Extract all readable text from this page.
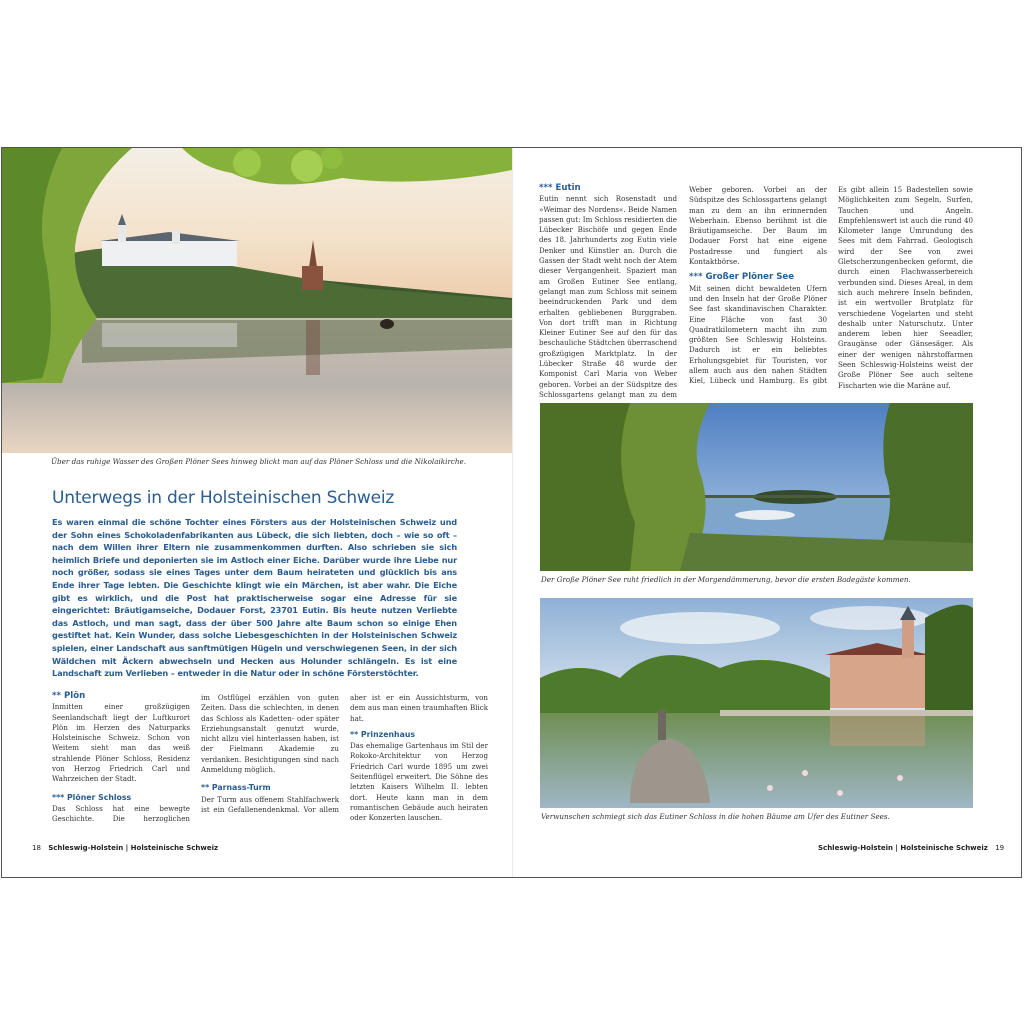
Über das ruhige Wasser des Großen Plöner Sees hinweg blickt man auf das Plöner Schloss und die Nikolaikirche.
Unterwegs in der Holsteinischen Schweiz

Es waren einmal die schöne Tochter eines Försters aus der Holsteinischen Schweiz und der Sohn eines Schokoladenfabrikanten aus Lübeck, die sich liebten, doch – wie so oft – nach dem Willen ihrer Eltern nie zusammenkommen durften. Also schrieben sie sich heimlich Briefe und deponierten sie im Astloch einer Eiche. Darüber wurde ihre Liebe nur noch größer, sodass sie eines Tages unter dem Baum heirateten und glücklich bis ans Ende ihrer Tage lebten. Die Geschichte klingt wie ein Märchen, ist aber wahr. Die Eiche gibt es wirklich, und die Post hat praktischerweise sogar eine Adresse für sie eingerichtet: Bräutigamseiche, Dodauer Forst, 23701 Eutin. Bis heute nutzen Verliebte das Astloch, und man sagt, dass der über 500 Jahre alte Baum schon so einige Ehen gestiftet hat. Kein Wunder, dass solche Liebesgeschichten in der Holsteinischen Schweiz spielen, einer Landschaft aus sanftmütigen Hügeln und verschwiegenen Seen, in der sich Wäldchen mit Äckern abwechseln und Hecken aus Holunder schlängeln. Es ist eine Landschaft zum Verlieben – entweder in die Natur oder in schöne Försterstöchter.

** Plön

Inmitten einer großzügigen Seenlandschaft liegt der Luftkurort Plön im Herzen des Naturparks Holsteinische Schweiz. Schon von Weitem sieht man das weiß strahlende Plöner Schloss, Residenz von Herzog Friedrich Carl und Wahrzeichen der Stadt.

*** Plöner Schloss

Das Schloss hat eine bewegte Geschichte. Die herzoglichen

im Ostflügel erzählen von guten Zeiten. Dass die schlechten, in denen das Schloss als Kadetten- oder später Erziehungsanstalt genutzt wurde, nicht allzu viel hinterlassen haben, ist der Fielmann Akademie zu verdanken. Besichtigungen sind nach Anmeldung möglich.

** Parnass-Turm

Der Turm aus offenem Stahlfachwerk ist ein Gefallenendenkmal. Vor allem

aber ist er ein Aussichtsturm, von dem aus man einen traumhaften Blick hat.

** Prinzenhaus

Das ehemalige Gartenhaus im Stil der Rokoko-Architektur von Herzog Friedrich Carl wurde 1895 um zwei Seitenflügel erweitert. Die Söhne des letzten Kaisers Wilhelm II. lebten dort. Heute kann man in dem romantischen Gebäude auch heiraten oder Konzerten lauschen.

18 Schleswig-Holstein | Holsteinische Schweiz
*** Eutin

Eutin nennt sich Rosenstadt und »Weimar des Nordens«. Beide Namen passen gut: Im Schloss residierten die Lübecker Bischöfe und gegen Ende des 18. Jahrhunderts zog Eutin viele Denker und Künstler an. Durch die Gassen der Stadt weht noch der Atem dieser Vergangenheit. Spaziert man am Großen Eutiner See entlang, gelangt man zum Schloss mit seinem beeindruckenden Park und dem erhalten gebliebenen Burggraben. Von dort trifft man in Richtung Kleiner Eutiner See auf den für das beschauliche Städtchen überraschend großzügigen Marktplatz. In der Lübecker Straße 48 wurde der Komponist Carl Maria von Weber geboren. Vorbei an der Südspitze des Schlossgartens gelangt man zu dem

Weber geboren. Vorbei an der Südspitze des Schlossgartens gelangt man zu dem an ihn erinnernden Weberhain. Ebenso berühmt ist die Bräutigamseiche. Der Baum im Dodauer Forst hat eine eigene Postadresse und fungiert als Kontaktbörse.

*** Großer Plöner See

Mit seinen dicht bewaldeten Ufern und den Inseln hat der Große Plöner See fast skandinavischen Charakter. Eine Fläche von fast 30 Quadratkilometern macht ihn zum größten See Schleswig Holsteins. Dadurch ist er ein beliebtes Erholungsgebiet für Touristen, vor allem auch aus den nahen Städten Kiel, Lübeck und Hamburg. Es gibt

Es gibt allein 15 Badestellen sowie Möglichkeiten zum Segeln, Surfen, Tauchen und Angeln. Empfehlenswert ist auch die rund 40 Kilometer lange Umrundung des Sees mit dem Fahrrad. Geologisch wird der See von zwei Gletscherzungenbecken geformt, die durch einen Flachwasserbereich verbunden sind. Dieses Areal, in dem sich auch mehrere Inseln befinden, ist ein wertvoller Brutplatz für verschiedene Vogelarten und steht deshalb unter Naturschutz. Unter anderem leben hier Seeadler, Graugänse oder Gänsesäger. Als einer der wenigen nährstoffarmen Seen Schleswig-Holsteins weist der Große Plöner See auch seltene Fischarten wie die Maräne auf.

Der Große Plöner See ruht friedlich in der Morgendämmerung, bevor die ersten Badegäste kommen.
Verwunschen schmiegt sich das Eutiner Schloss in die hohen Bäume am Ufer des Eutiner Sees.
Schleswig-Holstein | Holsteinische Schweiz 19
